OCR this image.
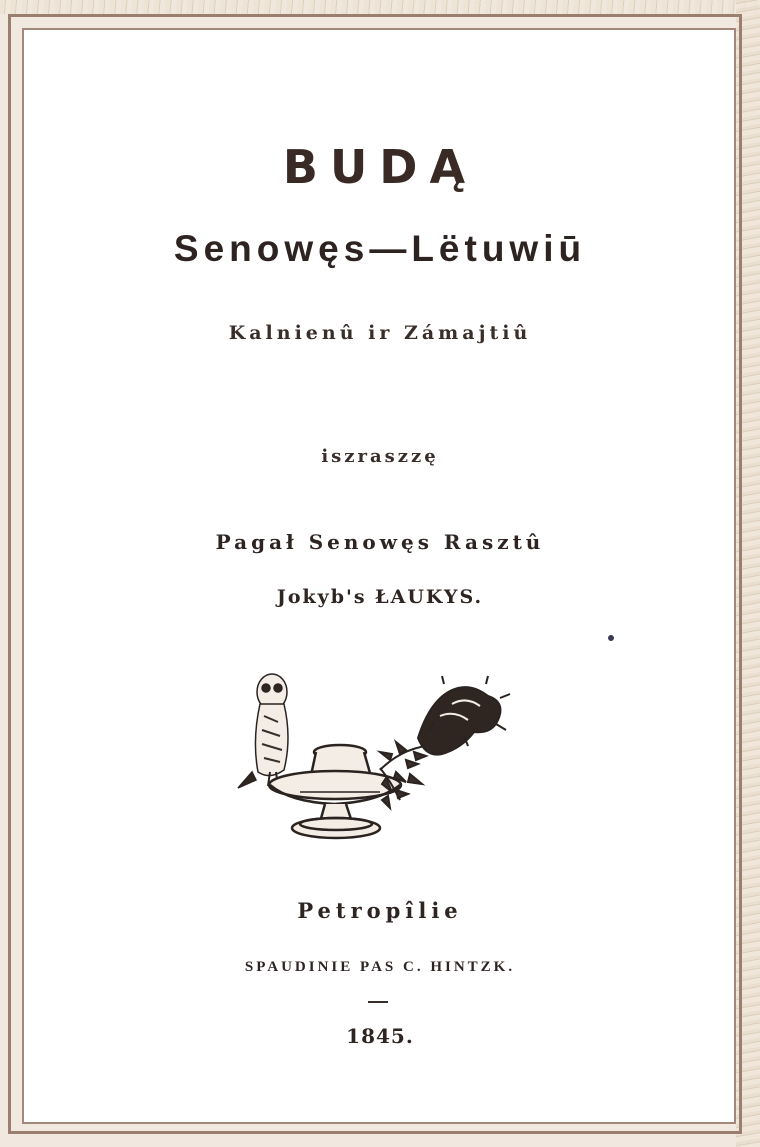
BUDĄ
Senowęs—Lëtuwiū
Kalnienû ir Zámajtiû
iszraszzę
Pagał Senowęs Rasztû
Jokyb's ŁAUKYS.
Petropîlie
SPAUDINIE PAS C. HINTZK.
1845.
